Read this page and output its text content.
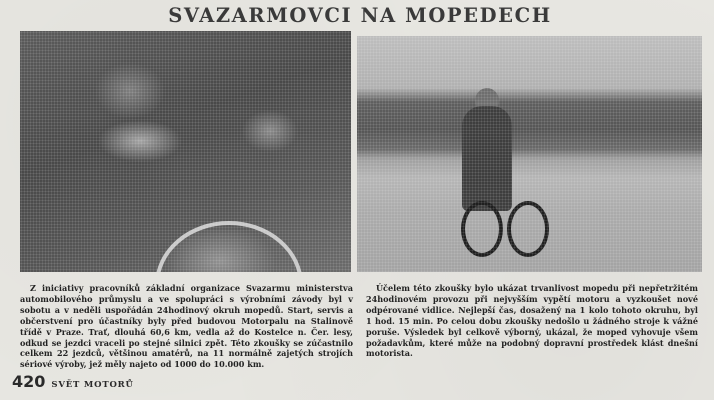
SVAZARMOVCI NA MOPEDECH

Z iniciativy pracovníků základní organizace Svazarmu ministerstva automobilového průmyslu a ve spolupráci s výrobními závody byl v sobotu a v neděli uspořádán 24hodinový okruh mopedů. Start, servis a občerstvení pro účastníky byly před budovou Motorpalu na Stalinově třídě v Praze. Trať, dlouhá 60,6 km, vedla až do Kostelce n. Čer. lesy, odkud se jezdci vraceli po stejné silnici zpět. Této zkoušky se zúčastnilo celkem 22 jezdců, většinou amatérů, na 11 normálně zajetých strojích sériové výroby, jež měly najeto od 1000 do 10.000 km.

Účelem této zkoušky bylo ukázat trvanlivost mopedu při nepřetržitém 24hodinovém provozu při nejvyšším vypětí motoru a vyzkoušet nové odpérované vidlice. Nejlepší čas, dosažený na 1 kolo tohoto okruhu, byl 1 hod. 15 min. Po celou dobu zkoušky nedošlo u žádného stroje k vážné poruše. Výsledek byl celkově výborný, ukázal, že moped vyhovuje všem požadavkům, které může na podobný dopravní prostředek klást dnešní motorista.

420 SVĚT MOTORŮ
